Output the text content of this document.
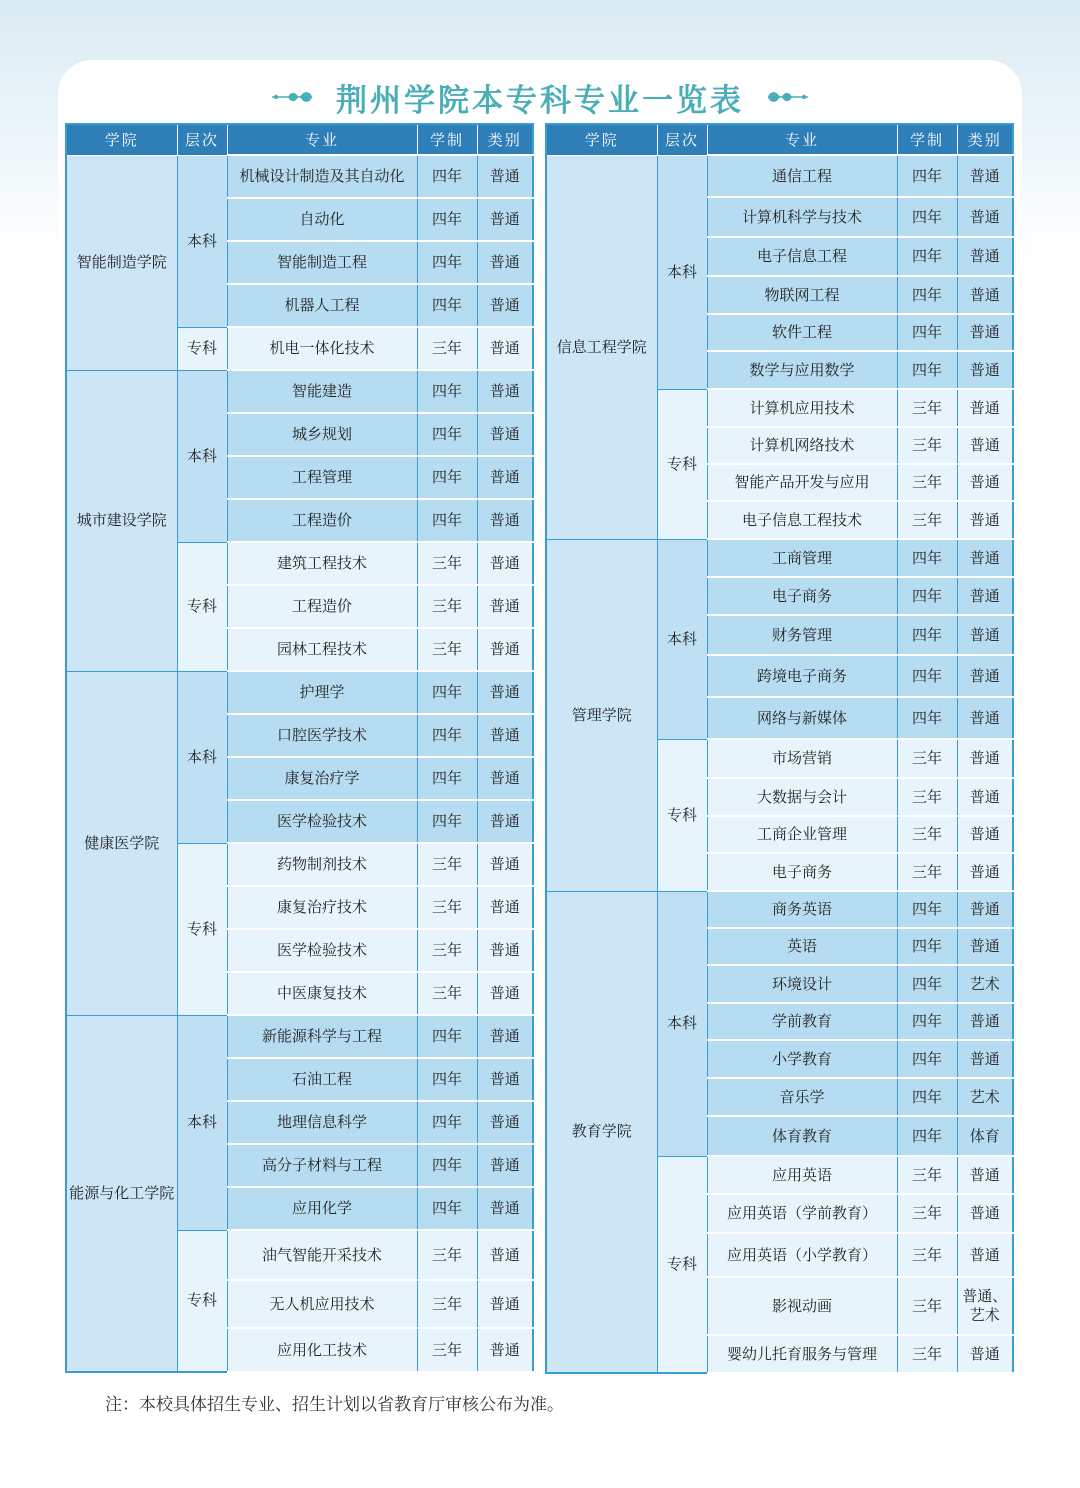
荆州学院本专科专业一览表
学院	层次	专业	学制	类别
智能制造学院	本科	机械设计制造及其自动化	四年	普通
		自动化	四年	普通
		智能制造工程	四年	普通
		机器人工程	四年	普通
	专科	机电一体化技术	三年	普通
城市建设学院	本科	智能建造	四年	普通
		城乡规划	四年	普通
		工程管理	四年	普通
		工程造价	四年	普通
	专科	建筑工程技术	三年	普通
		工程造价	三年	普通
		园林工程技术	三年	普通
健康医学院	本科	护理学	四年	普通
		口腔医学技术	四年	普通
		康复治疗学	四年	普通
		医学检验技术	四年	普通
	专科	药物制剂技术	三年	普通
		康复治疗技术	三年	普通
		医学检验技术	三年	普通
		中医康复技术	三年	普通
能源与化工学院	本科	新能源科学与工程	四年	普通
		石油工程	四年	普通
		地理信息科学	四年	普通
		高分子材料与工程	四年	普通
		应用化学	四年	普通
	专科	油气智能开采技术	三年	普通
		无人机应用技术	三年	普通
		应用化工技术	三年	普通
学院	层次	专业	学制	类别
信息工程学院	本科	通信工程	四年	普通
		计算机科学与技术	四年	普通
		电子信息工程	四年	普通
		物联网工程	四年	普通
		软件工程	四年	普通
		数学与应用数学	四年	普通
	专科	计算机应用技术	三年	普通
		计算机网络技术	三年	普通
		智能产品开发与应用	三年	普通
		电子信息工程技术	三年	普通
管理学院	本科	工商管理	四年	普通
		电子商务	四年	普通
		财务管理	四年	普通
		跨境电子商务	四年	普通
		网络与新媒体	四年	普通
	专科	市场营销	三年	普通
		大数据与会计	三年	普通
		工商企业管理	三年	普通
		电子商务	三年	普通
教育学院	本科	商务英语	四年	普通
		英语	四年	普通
		环境设计	四年	艺术
		学前教育	四年	普通
		小学教育	四年	普通
		音乐学	四年	艺术
		体育教育	四年	体育
	专科	应用英语	三年	普通
		应用英语（学前教育）	三年	普通
		应用英语（小学教育）	三年	普通
		影视动画	三年	普通、艺术
		婴幼儿托育服务与管理	三年	普通
注：本校具体招生专业、招生计划以省教育厅审核公布为准。
